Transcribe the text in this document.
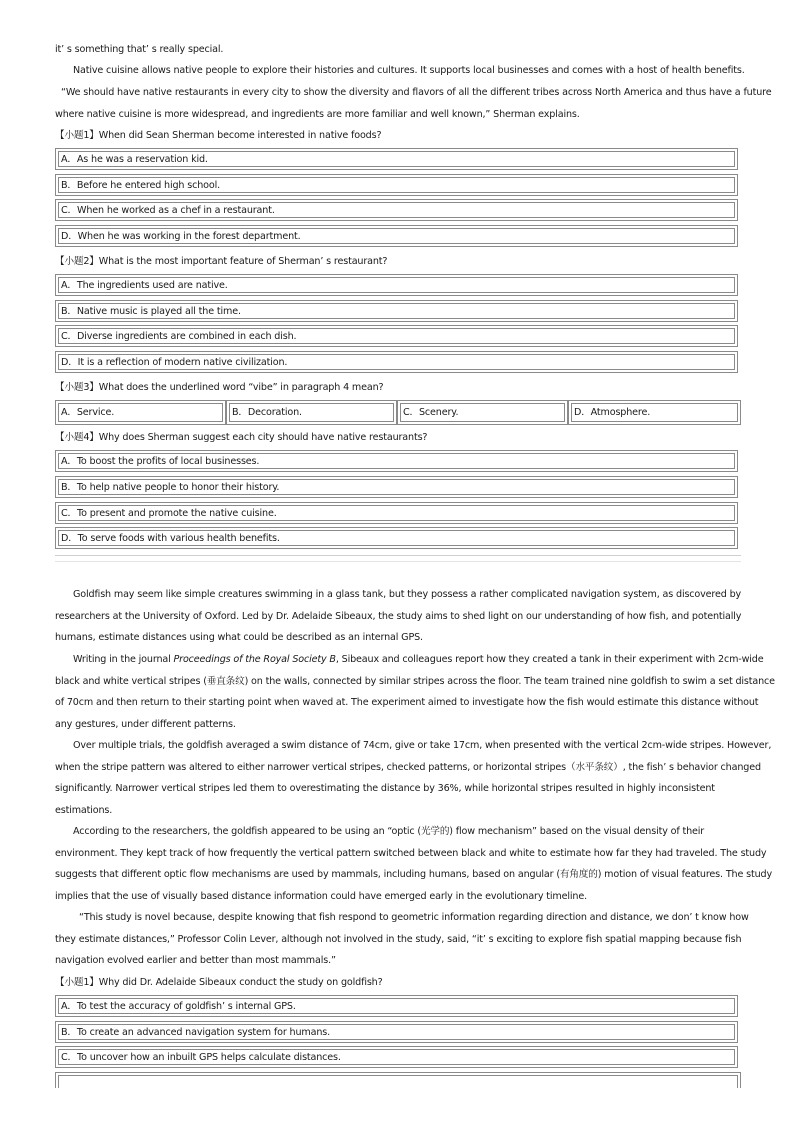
it’ s something that’ s really special.
Native cuisine allows native people to explore their histories and cultures. It supports local businesses and comes with a host of health benefits.
“We should have native restaurants in every city to show the diversity and flavors of all the different tribes across North America and thus have a future
where native cuisine is more widespread, and ingredients are more familiar and well known,” Sherman explains.
【小题1】When did Sean Sherman become interested in native foods?
A．As he was a reservation kid.
B．Before he entered high school.
C．When he worked as a chef in a restaurant.
D．When he was working in the forest department.
【小题2】What is the most important feature of Sherman’ s restaurant?
A．The ingredients used are native.
B．Native music is played all the time.
C．Diverse ingredients are combined in each dish.
D．It is a reflection of modern native civilization.
【小题3】What does the underlined word “vibe” in paragraph 4 mean?
A．Service.	B．Decoration.	C．Scenery.	D．Atmosphere.
【小题4】Why does Sherman suggest each city should have native restaurants?
A．To boost the profits of local businesses.
B．To help native people to honor their history.
C．To present and promote the native cuisine.
D．To serve foods with various health benefits.
Goldfish may seem like simple creatures swimming in a glass tank, but they possess a rather complicated navigation system, as discovered by
researchers at the University of Oxford. Led by Dr. Adelaide Sibeaux, the study aims to shed light on our understanding of how fish, and potentially
humans, estimate distances using what could be described as an internal GPS.
Writing in the journal Proceedings of the Royal Society B, Sibeaux and colleagues report how they created a tank in their experiment with 2cm-wide
black and white vertical stripes (垂直条纹) on the walls, connected by similar stripes across the floor. The team trained nine goldfish to swim a set distance
of 70cm and then return to their starting point when waved at. The experiment aimed to investigate how the fish would estimate this distance without
any gestures, under different patterns.
Over multiple trials, the goldfish averaged a swim distance of 74cm, give or take 17cm, when presented with the vertical 2cm-wide stripes. However,
when the stripe pattern was altered to either narrower vertical stripes, checked patterns, or horizontal stripes（水平条纹）, the fish’ s behavior changed
significantly. Narrower vertical stripes led them to overestimating the distance by 36%, while horizontal stripes resulted in highly inconsistent
estimations.
According to the researchers, the goldfish appeared to be using an “optic (光学的) flow mechanism” based on the visual density of their
environment. They kept track of how frequently the vertical pattern switched between black and white to estimate how far they had traveled. The study
suggests that different optic flow mechanisms are used by mammals, including humans, based on angular (有角度的) motion of visual features. The study
implies that the use of visually based distance information could have emerged early in the evolutionary timeline.
“This study is novel because, despite knowing that fish respond to geometric information regarding direction and distance, we don’ t know how
they estimate distances,” Professor Colin Lever, although not involved in the study, said, “it’ s exciting to explore fish spatial mapping because fish
navigation evolved earlier and better than most mammals.”
【小题1】Why did Dr. Adelaide Sibeaux conduct the study on goldfish?
A．To test the accuracy of goldfish’ s internal GPS.
B．To create an advanced navigation system for humans.
C．To uncover how an inbuilt GPS helps calculate distances.
